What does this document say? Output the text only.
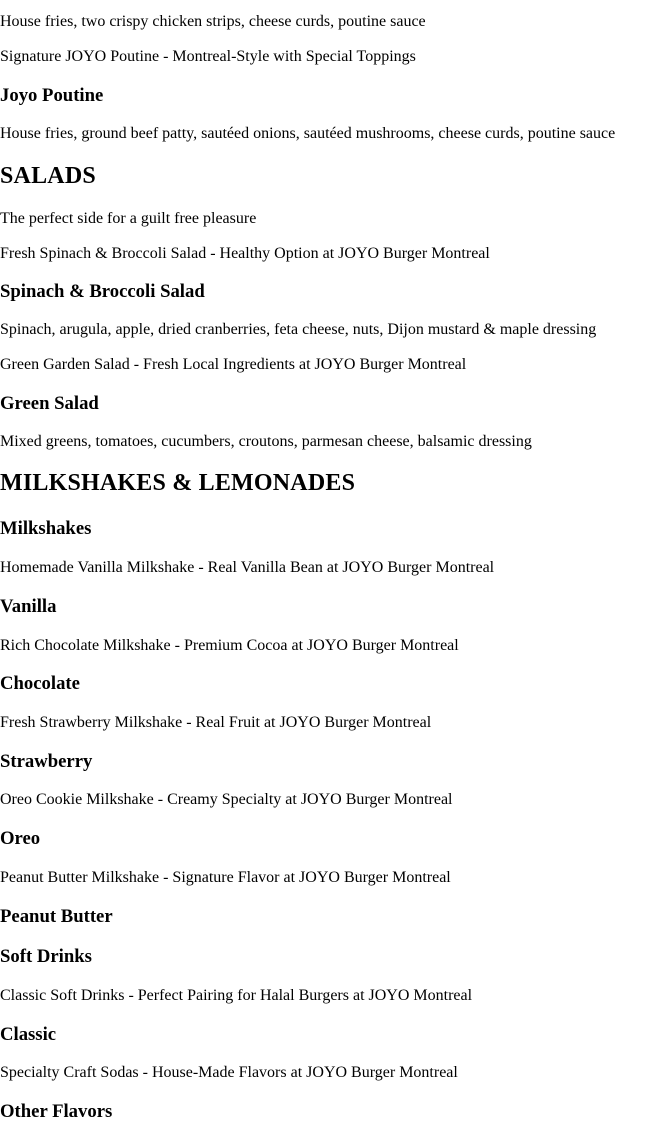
House fries, two crispy chicken strips, cheese curds, poutine sauce

Signature JOYO Poutine - Montreal-Style with Special Toppings
Joyo Poutine

House fries, ground beef patty, sautéed onions, sautéed mushrooms, cheese curds, poutine sauce

SALADS

The perfect side for a guilt free pleasure

Fresh Spinach & Broccoli Salad - Healthy Option at JOYO Burger Montreal
Spinach & Broccoli Salad

Spinach, arugula, apple, dried cranberries, feta cheese, nuts, Dijon mustard & maple dressing

Green Garden Salad - Fresh Local Ingredients at JOYO Burger Montreal
Green Salad

Mixed greens, tomatoes, cucumbers, croutons, parmesan cheese, balsamic dressing

MILKSHAKES & LEMONADES
Milkshakes
Homemade Vanilla Milkshake - Real Vanilla Bean at JOYO Burger Montreal
Vanilla
Rich Chocolate Milkshake - Premium Cocoa at JOYO Burger Montreal
Chocolate
Fresh Strawberry Milkshake - Real Fruit at JOYO Burger Montreal
Strawberry
Oreo Cookie Milkshake - Creamy Specialty at JOYO Burger Montreal
Oreo
Peanut Butter Milkshake - Signature Flavor at JOYO Burger Montreal
Peanut Butter
Soft Drinks
Classic Soft Drinks - Perfect Pairing for Halal Burgers at JOYO Montreal
Classic
Specialty Craft Sodas - House-Made Flavors at JOYO Burger Montreal
Other Flavors
